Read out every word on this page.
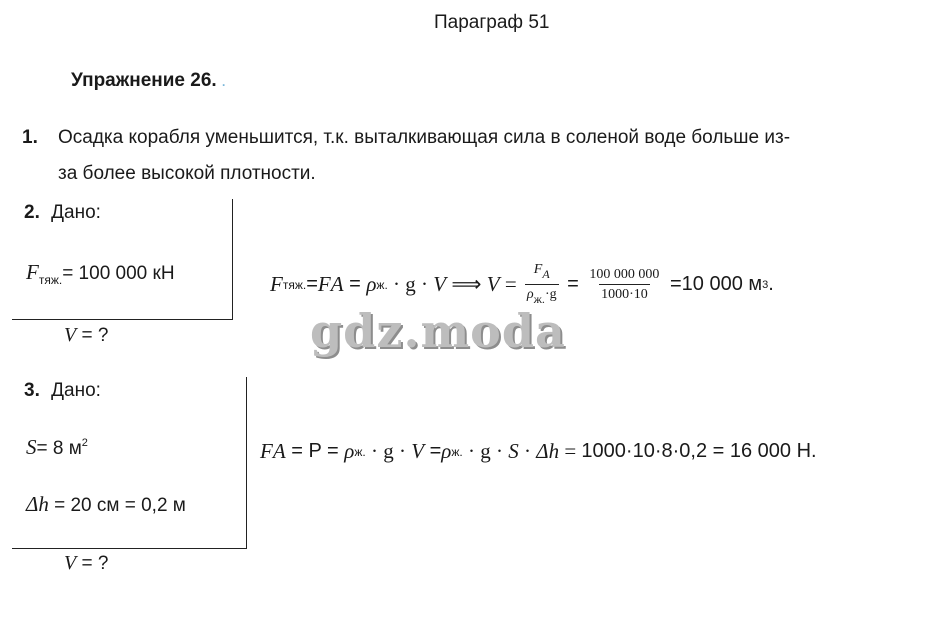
Параграф 51
Упражнение 26. .
1. Осадка корабля уменьшится, т.к. выталкивающая сила в соленой воде больше из-
за более высокой плотности.
2. Дано:
$F_{тяж.}= 100$ 000 кН
V = ?
F тяж. = F A = ρ ж. · g · V ⟹ $V = \frac{F_A}{\rho_{ж.}\cdot g} = \frac{100 000 000}{1000\cdot 10} =10$ 000 м 3 .
gdz.moda
3. Дано:
S= 8 $м^2$
Δh = 20 см = 0,2 м
V = ?
F A = P = ρ ж. · g · V = ρ ж. · g · S · Δh = 1000·10·8·0,2 = 16 000 Н.
